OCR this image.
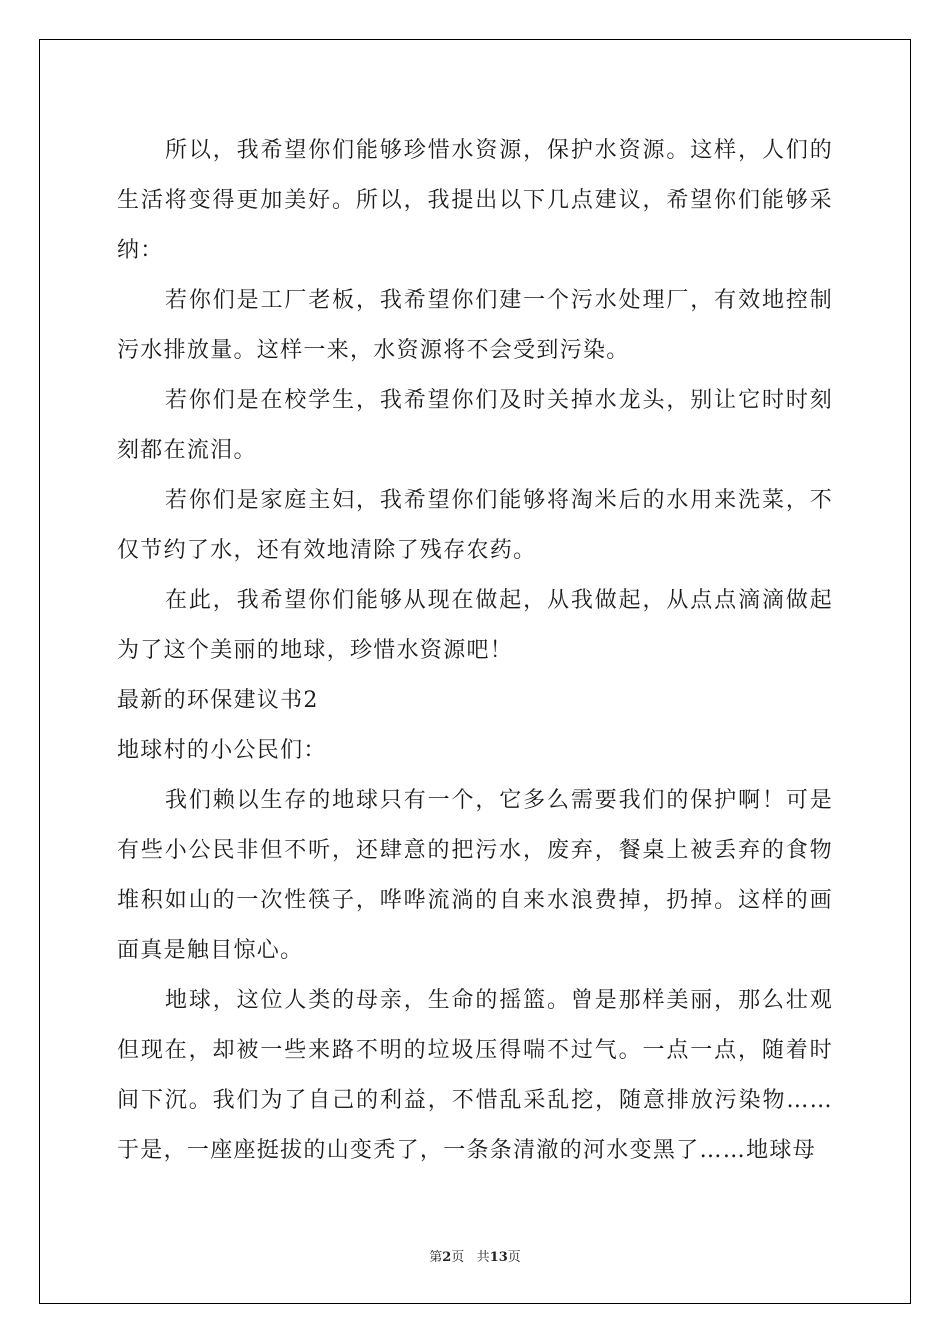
所以，我希望你们能够珍惜水资源，保护水资源。这样，人们的生活将变得更加美好。所以，我提出以下几点建议，希望你们能够采纳：

若你们是工厂老板，我希望你们建一个污水处理厂，有效地控制污水排放量。这样一来，水资源将不会受到污染。

若你们是在校学生，我希望你们及时关掉水龙头，别让它时时刻刻都在流泪。

若你们是家庭主妇，我希望你们能够将淘米后的水用来洗菜，不仅节约了水，还有效地清除了残存农药。

在此，我希望你们能够从现在做起，从我做起，从点点滴滴做起为了这个美丽的地球，珍惜水资源吧！

最新的环保建议书2

地球村的小公民们：

我们赖以生存的地球只有一个，它多么需要我们的保护啊！可是有些小公民非但不听，还肆意的把污水，废弃，餐桌上被丢弃的食物堆积如山的一次性筷子，哗哗流淌的自来水浪费掉，扔掉。这样的画面真是触目惊心。

地球，这位人类的母亲，生命的摇篮。曾是那样美丽，那么壮观但现在，却被一些来路不明的垃圾压得喘不过气。一点一点，随着时间下沉。我们为了自己的利益，不惜乱采乱挖，随意排放污染物……于是，一座座挺拔的山变秃了，一条条清澈的河水变黑了……地球母

第2页 共13页
